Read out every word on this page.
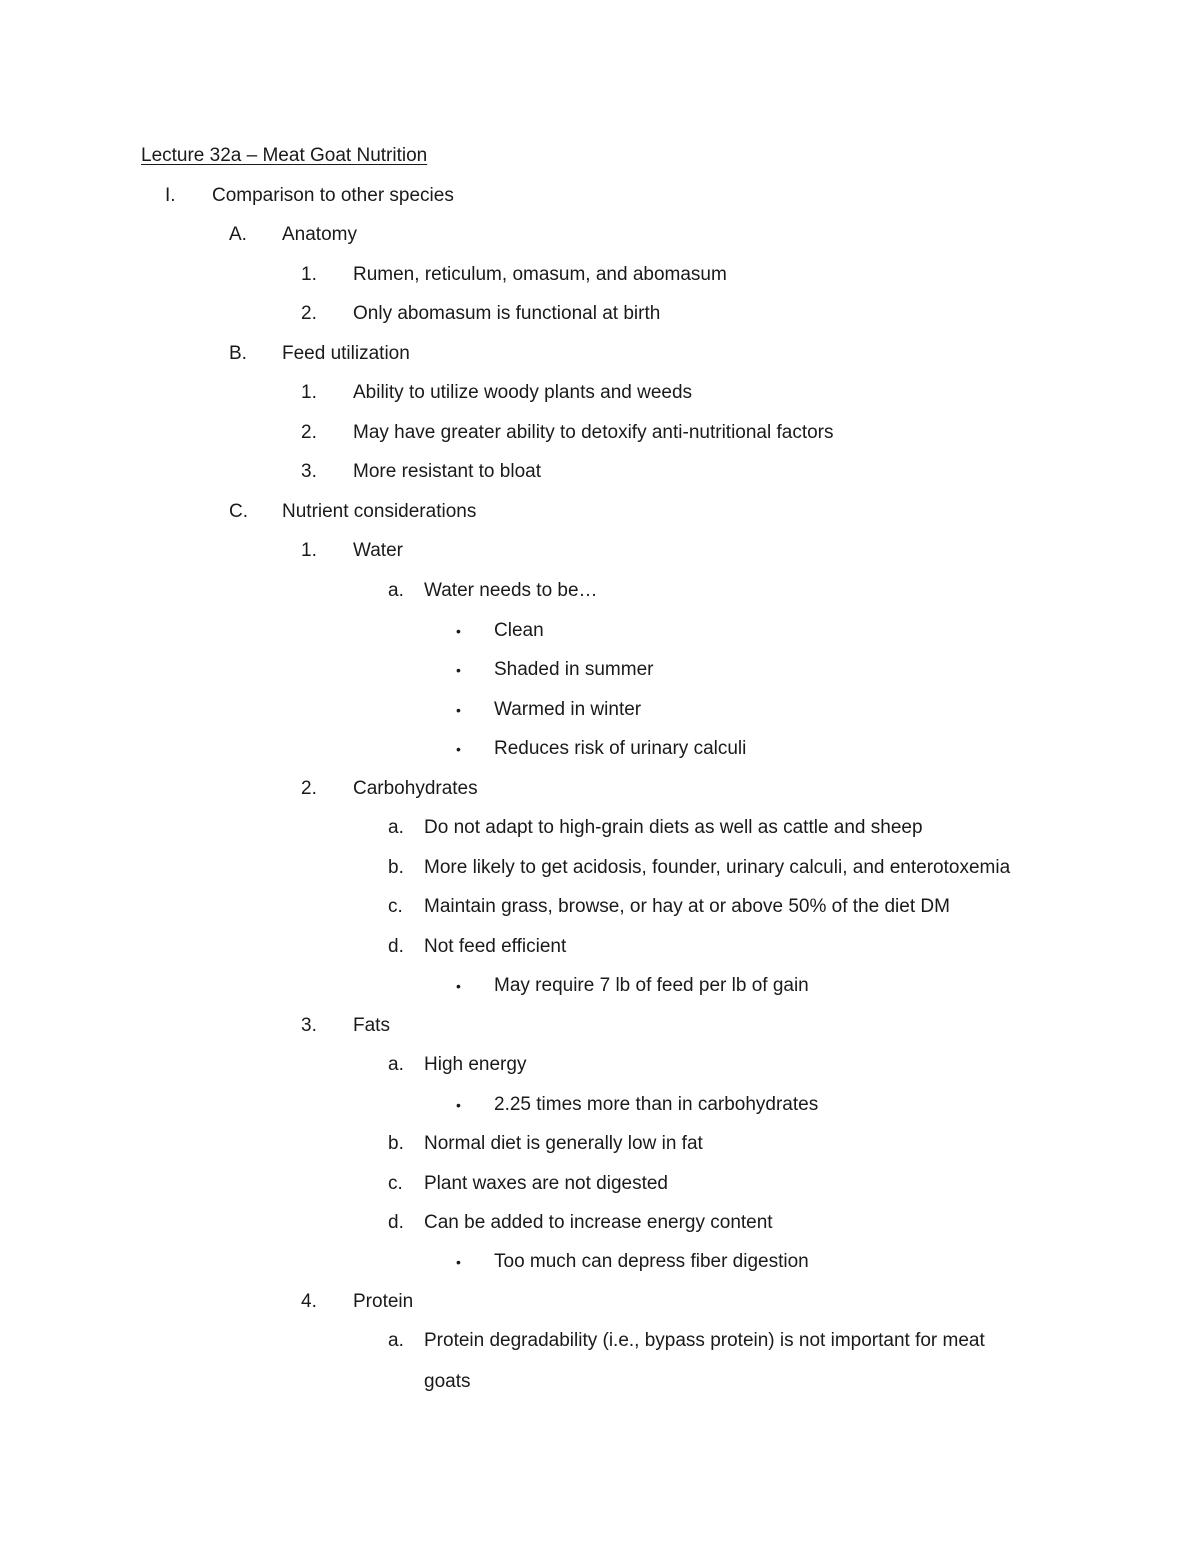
Lecture 32a – Meat Goat Nutrition
I. Comparison to other species
A. Anatomy
1. Rumen, reticulum, omasum, and abomasum
2. Only abomasum is functional at birth
B. Feed utilization
1. Ability to utilize woody plants and weeds
2. May have greater ability to detoxify anti-nutritional factors
3. More resistant to bloat
C. Nutrient considerations
1. Water
a. Water needs to be…
• Clean
• Shaded in summer
• Warmed in winter
• Reduces risk of urinary calculi
2. Carbohydrates
a. Do not adapt to high-grain diets as well as cattle and sheep
b. More likely to get acidosis, founder, urinary calculi, and enterotoxemia
c. Maintain grass, browse, or hay at or above 50% of the diet DM
d. Not feed efficient
• May require 7 lb of feed per lb of gain
3. Fats
a. High energy
• 2.25 times more than in carbohydrates
b. Normal diet is generally low in fat
c. Plant waxes are not digested
d. Can be added to increase energy content
• Too much can depress fiber digestion
4. Protein
a. Protein degradability (i.e., bypass protein) is not important for meat
goats
